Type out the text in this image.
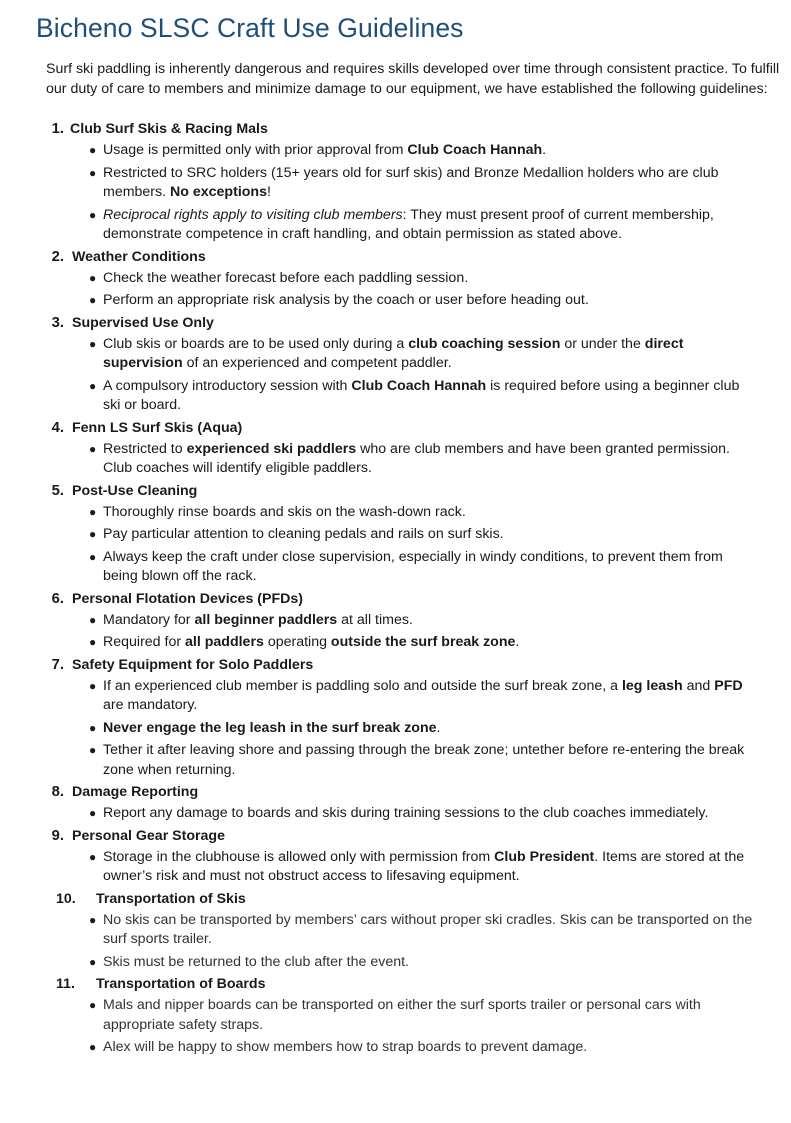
Bicheno SLSC Craft Use Guidelines

Surf ski paddling is inherently dangerous and requires skills developed over time through consistent practice. To fulfill our duty of care to members and minimize damage to our equipment, we have established the following guidelines:

1. Club Surf Skis & Racing Mals
● Usage is permitted only with prior approval from Club Coach Hannah.
● Restricted to SRC holders (15+ years old for surf skis) and Bronze Medallion holders who are club members. No exceptions!
● Reciprocal rights apply to visiting club members: They must present proof of current membership, demonstrate competence in craft handling, and obtain permission as stated above.
2. Weather Conditions
● Check the weather forecast before each paddling session.
● Perform an appropriate risk analysis by the coach or user before heading out.
3. Supervised Use Only
● Club skis or boards are to be used only during a club coaching session or under the direct supervision of an experienced and competent paddler.
● A compulsory introductory session with Club Coach Hannah is required before using a beginner club ski or board.
4. Fenn LS Surf Skis (Aqua)
● Restricted to experienced ski paddlers who are club members and have been granted permission. Club coaches will identify eligible paddlers.
5. Post-Use Cleaning
● Thoroughly rinse boards and skis on the wash-down rack.
● Pay particular attention to cleaning pedals and rails on surf skis.
● Always keep the craft under close supervision, especially in windy conditions, to prevent them from being blown off the rack.
6. Personal Flotation Devices (PFDs)
● Mandatory for all beginner paddlers at all times.
● Required for all paddlers operating outside the surf break zone.
7. Safety Equipment for Solo Paddlers
● If an experienced club member is paddling solo and outside the surf break zone, a leg leash and PFD are mandatory.
● Never engage the leg leash in the surf break zone.
● Tether it after leaving shore and passing through the break zone; untether before re-entering the break zone when returning.
8. Damage Reporting
● Report any damage to boards and skis during training sessions to the club coaches immediately.
9. Personal Gear Storage
● Storage in the clubhouse is allowed only with permission from Club President. Items are stored at the owner’s risk and must not obstruct access to lifesaving equipment.
10.	Transportation of Skis
● No skis can be transported by members’ cars without proper ski cradles. Skis can be transported on the surf sports trailer.
● Skis must be returned to the club after the event.
11.	Transportation of Boards
● Mals and nipper boards can be transported on either the surf sports trailer or personal cars with appropriate safety straps.
● Alex will be happy to show members how to strap boards to prevent damage.
